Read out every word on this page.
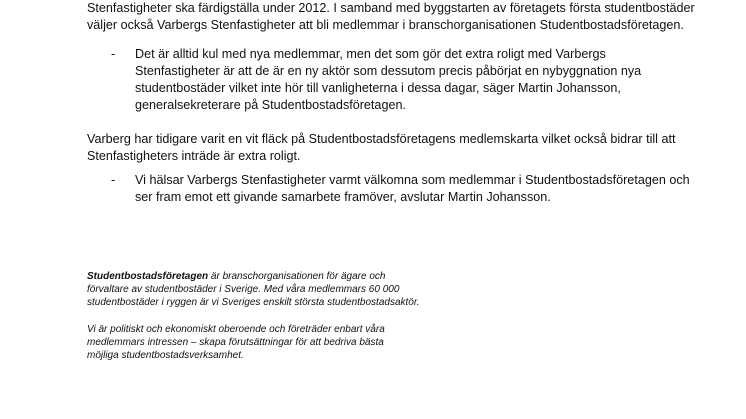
Stenfastigheter ska färdigställa under 2012. I samband med byggstarten av företagets första studentbostäder
väljer också Varbergs Stenfastigheter att bli medlemmar i branschorganisationen Studentbostadsföretagen.
- Det är alltid kul med nya medlemmar, men det som gör det extra roligt med Varbergs
Stenfastigheter är att de är en ny aktör som dessutom precis påbörjat en nybyggnation nya
studentbostäder vilket inte hör till vanligheterna i dessa dagar, säger Martin Johansson,
generalsekreterare på Studentbostadsföretagen.
Varberg har tidigare varit en vit fläck på Studentbostadsföretagens medlemskarta vilket också bidrar till att
Stenfastigheters inträde är extra roligt.
- Vi hälsar Varbergs Stenfastigheter varmt välkomna som medlemmar i Studentbostadsföretagen och
ser fram emot ett givande samarbete framöver, avslutar Martin Johansson.
Studentbostadsföretagen är branschorganisationen för ägare och
förvaltare av studentbostäder i Sverige. Med våra medlemmars 60 000
studentbostäder i ryggen är vi Sveriges enskilt största studentbostadsaktör.
Vi är politiskt och ekonomiskt oberoende och företräder enbart våra
medlemmars intressen – skapa förutsättningar för att bedriva bästa
möjliga studentbostadsverksamhet.
